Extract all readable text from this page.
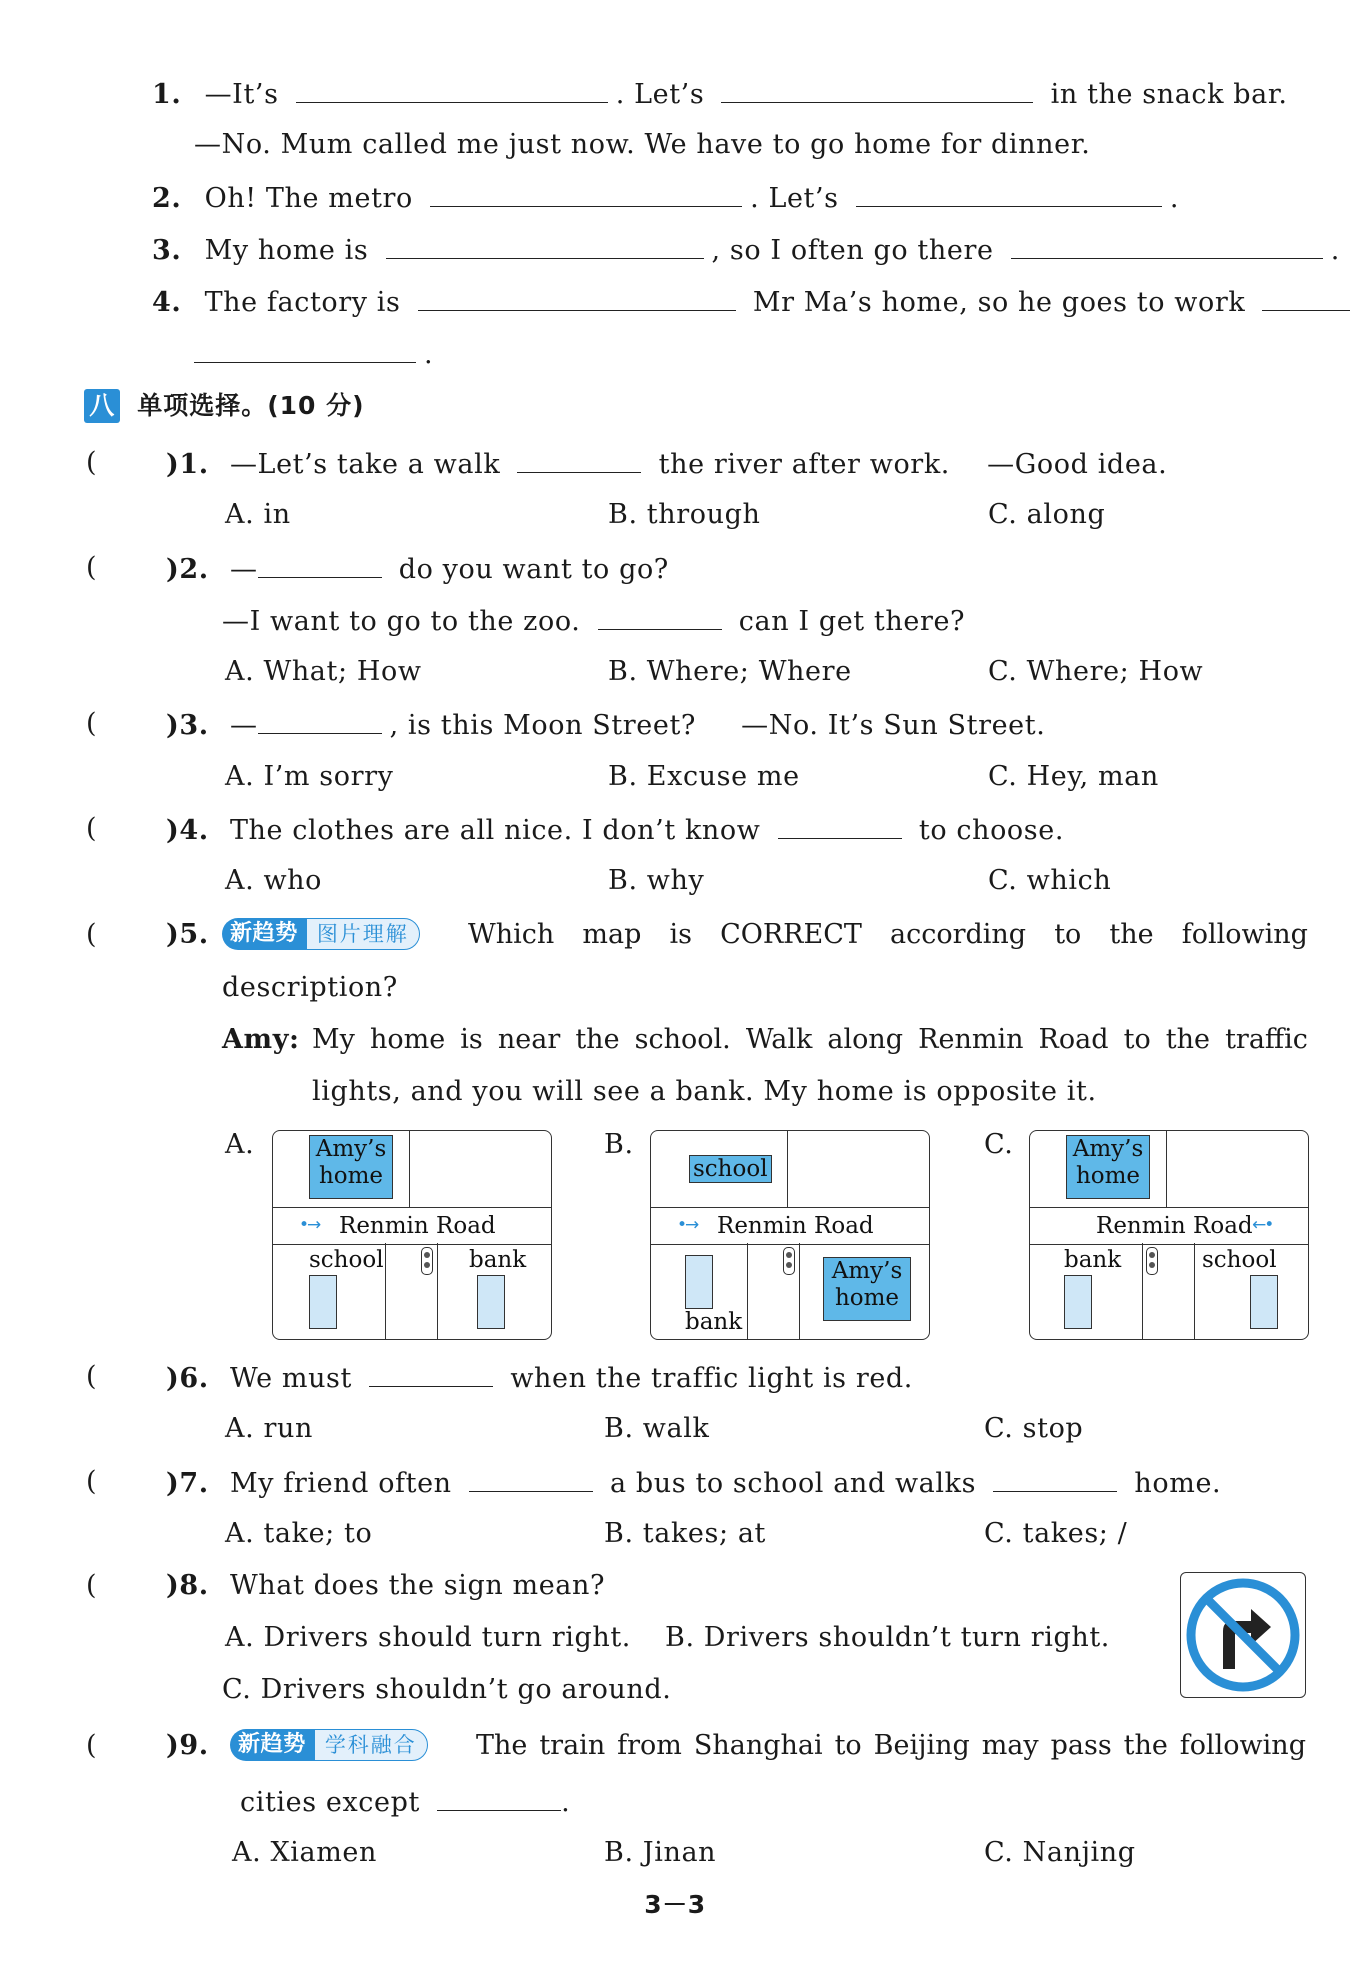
1. —It’s	. Let’s	in the snack bar.
—No. Mum called me just now. We have to go home for dinner.
2. Oh! The metro	. Let’s	.
3. My home is	, so I often go there	.
4. The factory is	Mr Ma’s home, so he goes to work
.
八 单项选择。(10 分)
(	)1. —Let’s take a walk	the river after work. —Good idea.
A. in	B. through	C. along
(	)2. —	do you want to go?
—I want to go to the zoo.	can I get there?
A. What; How	B. Where; Where	C. Where; How
(	)3. —	, is this Moon Street? —No. It’s Sun Street.
A. I’m sorry	B. Excuse me	C. Hey, man
(	)4. The clothes are all nice. I don’t know	to choose.
A. who	B. why	C. which
(	)5. 新趋势 图片理解	Which map is CORRECT according to the following
description?
Amy: My home is near the school. Walk along Renmin Road to the traffic
lights, and you will see a bank. My home is opposite it.
A.	B.	C.
Amy’s
home
•→ Renmin Road
school	bank
school
•→ Renmin Road
bank
Amy’s
home
Amy’s
home
Renmin Road ←•
bank	school
(	)6. We must	when the traffic light is red.
A. run	B. walk	C. stop
(	)7. My friend often	a bus to school and walks	home.
A. take; to	B. takes; at	C. takes; /
(	)8. What does the sign mean?
A. Drivers should turn right. B. Drivers shouldn’t turn right.
C. Drivers shouldn’t go around.
(	)9.	新趋势 学科融合	The train from Shanghai to Beijing may pass the following
cities except	.
A. Xiamen	B. Jinan	C. Nanjing
3－3
